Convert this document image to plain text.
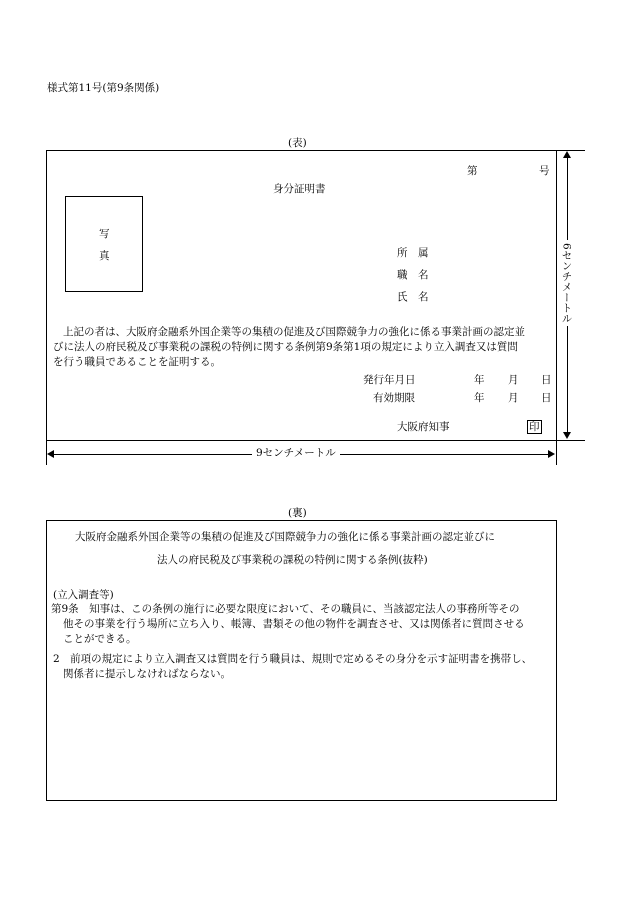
様式第11号(第9条関係)
(表)
第	号
身分証明書
写
真	所　属
職　名
氏　名
上記の者は、大阪府金融系外国企業等の集積の促進及び国際競争力の強化に係る事業計画の認定並
びに法人の府民税及び事業税の課税の特例に関する条例第9条第1項の規定により立入調査又は質問
を行う職員であることを証明する。
発行年月日	年 月 日
有効期限	年 月 日
大阪府知事	印
6センチメートル
9センチメートル
(裏)
大阪府金融系外国企業等の集積の促進及び国際競争力の強化に係る事業計画の認定並びに
法人の府民税及び事業税の課税の特例に関する条例(抜粋)
(立入調査等)
第9条　知事は、この条例の施行に必要な限度において、その職員に、当該認定法人の事務所等その
他その事業を行う場所に立ち入り、帳簿、書類その他の物件を調査させ、又は関係者に質問させる
ことができる。
2　前項の規定により立入調査又は質問を行う職員は、規則で定めるその身分を示す証明書を携帯し、
関係者に提示しなければならない。
